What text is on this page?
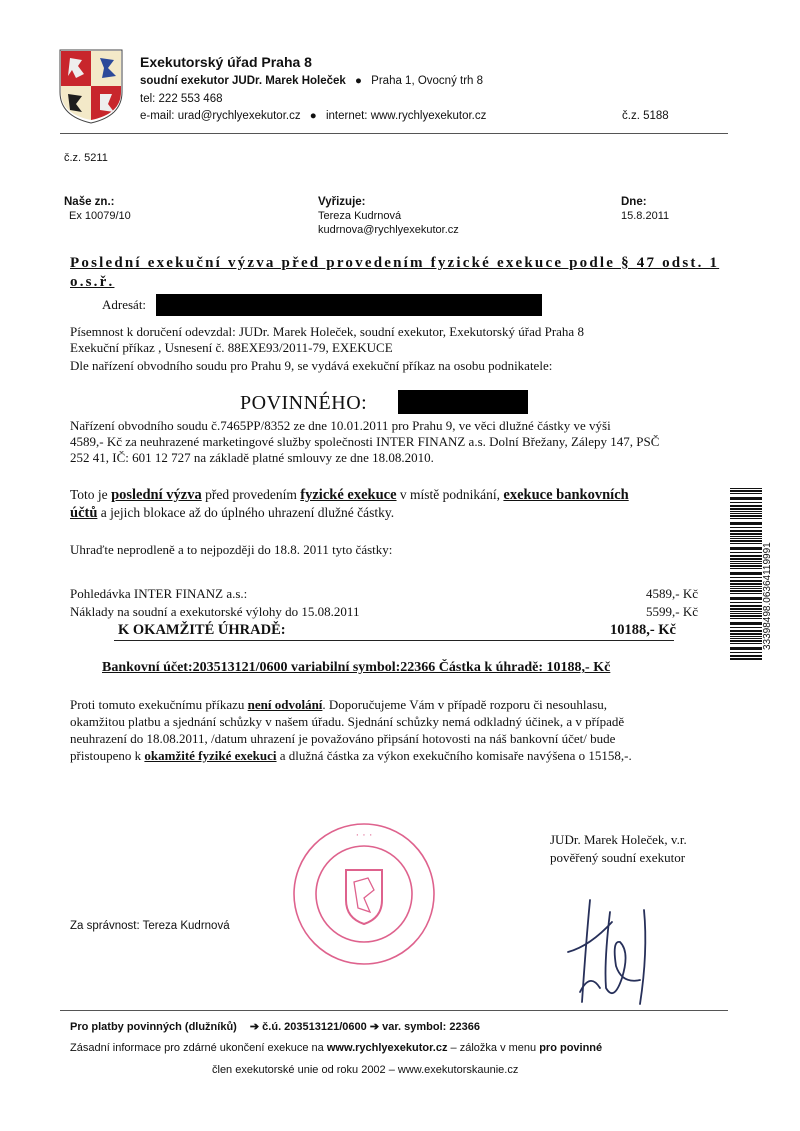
Exekutorský úřad Praha 8
soudní exekutor JUDr. Marek Holeček ● Praha 1, Ovocný trh 8
tel: 222 553 468
e-mail: urad@rychlyexekutor.cz ● internet: www.rychlyexekutor.cz	č.z. 5188
č.z. 5211
Naše zn.:
Ex 10079/10
Vyřizuje:
Tereza Kudrnová
kudrnova@rychlyexekutor.cz
Dne:
15.8.2011
Poslední exekuční výzva před provedením fyzické exekuce podle § 47 odst. 1 o.s.ř.
Adresát:
Písemnost k doručení odevzdal: JUDr. Marek Holeček, soudní exekutor, Exekutorský úřad Praha 8
Exekuční příkaz , Usnesení č. 88EXE93/2011-79, EXEKUCE
Dle nařízení obvodního soudu pro Prahu 9, se vydává exekuční příkaz na osobu podnikatele:
POVINNÉHO:
Nařízení obvodního soudu č.7465PP/8352 ze dne 10.01.2011 pro Prahu 9, ve věci dlužné částky ve výši
4589,- Kč za neuhrazené marketingové služby společnosti INTER FINANZ a.s. Dolní Břežany, Zálepy 147, PSČ
252 41, IČ: 601 12 727 na základě platné smlouvy ze dne 18.08.2010.
Toto je poslední výzva před provedením fyzické exekuce v místě podnikání, exekuce bankovních
účtů a jejich blokace až do úplného uhrazení dlužné částky.
Uhraďte neprodleně a to nejpozději do 18.8. 2011 tyto částky:
Pohledávka INTER FINANZ a.s.:	4589,- Kč
Náklady na soudní a exekutorské výlohy do 15.08.2011	5599,- Kč
K OKAMŽITÉ ÚHRADĚ:	10188,- Kč
Bankovní účet:203513121/0600 variabilní symbol:22366 Částka k úhradě: 10188,- Kč
Proti tomuto exekučnímu příkazu není odvolání. Doporučujeme Vám v případě rozporu či nesouhlasu,
okamžitou platbu a sjednání schůzky v našem úřadu. Sjednání schůzky nemá odkladný účinek, a v případě
neuhrazení do 18.08.2011, /datum uhrazení je považováno připsání hotovosti na náš bankovní účet/ bude
přistoupeno k okamžité fyziké exekuci a dlužná částka za výkon exekučního komisaře navýšena o 15158,-.
33398498.06364119991
JUDr. Marek Holeček, v.r.
pověřený soudní exekutor
· · ·
Za správnost: Tereza Kudrnová
Pro platby povinných (dlužníků) ➔ č.ú. 203513121/0600 ➔ var. symbol: 22366
Zásadní informace pro zdárné ukončení exekuce na www.rychlyexekutor.cz – záložka v menu pro povinné
člen exekutorské unie od roku 2002 – www.exekutorskaunie.cz
